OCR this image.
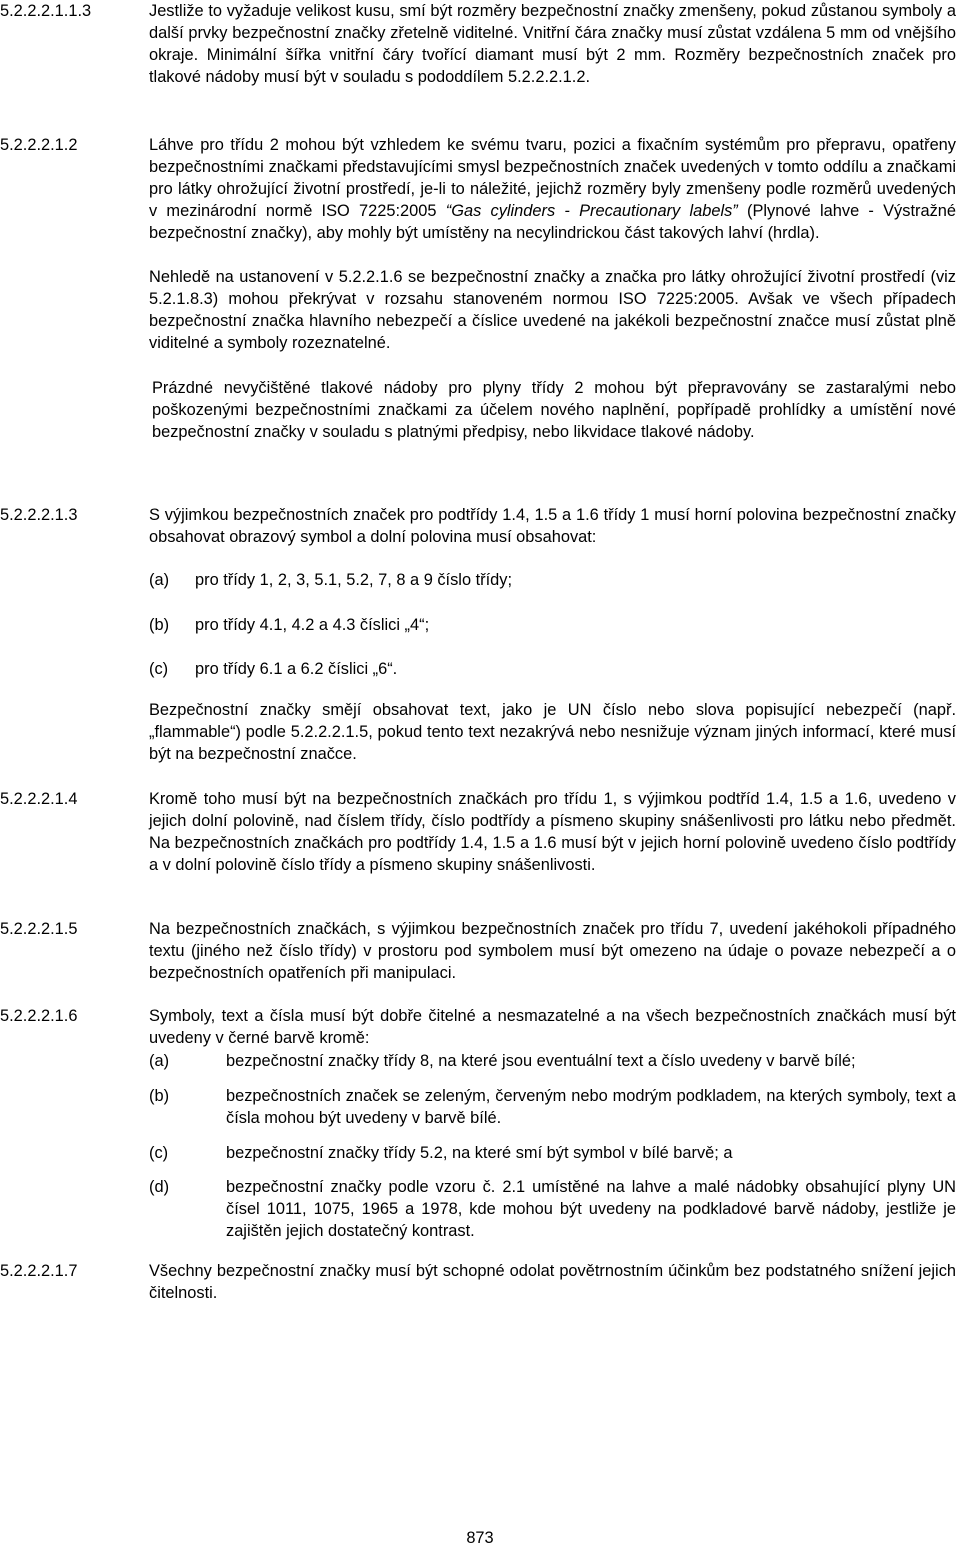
5.2.2.2.1.1.3	Jestliže to vyžaduje velikost kusu, smí být rozměry bezpečnostní značky zmenšeny, pokud zůstanou symboly a další prvky bezpečnostní značky zřetelně viditelné. Vnitřní čára značky musí zůstat vzdálena 5 mm od vnějšího okraje. Minimální šířka vnitřní čáry tvořící diamant musí být 2 mm. Rozměry bezpečnostních značek pro tlakové nádoby musí být v souladu s pododdílem 5.2.2.2.1.2.

5.2.2.2.1.2	Láhve pro třídu 2 mohou být vzhledem ke svému tvaru, pozici a fixačním systémům pro přepravu, opatřeny bezpečnostními značkami představujícími smysl bezpečnostních značek uvedených v tomto oddílu a značkami pro látky ohrožující životní prostředí, je-li to náležité, jejichž rozměry byly zmenšeny podle rozměrů uvedených v mezinárodní normě ISO 7225:2005 “Gas cylinders - Precautionary labels” (Plynové lahve - Výstražné bezpečnostní značky), aby mohly být umístěny na necylindrickou část takových lahví (hrdla).

Nehledě na ustanovení v 5.2.2.1.6 se bezpečnostní značky a značka pro látky ohrožující životní prostředí (viz 5.2.1.8.3) mohou překrývat v rozsahu stanoveném normou ISO 7225:2005. Avšak ve všech případech bezpečnostní značka hlavního nebezpečí a číslice uvedené na jakékoli bezpečnostní značce musí zůstat plně viditelné a symboly rozeznatelné.

Prázdné nevyčištěné tlakové nádoby pro plyny třídy 2 mohou být přepravovány se zastaralými nebo poškozenými bezpečnostními značkami za účelem nového naplnění, popřípadě prohlídky a umístění nové bezpečnostní značky v souladu s platnými předpisy, nebo likvidace tlakové nádoby.

5.2.2.2.1.3	S výjimkou bezpečnostních značek pro podtřídy 1.4, 1.5 a 1.6 třídy 1 musí horní polovina bezpečnostní značky obsahovat obrazový symbol a dolní polovina musí obsahovat:

(a) pro třídy 1, 2, 3, 5.1, 5.2, 7, 8 a 9 číslo třídy;
(b) pro třídy 4.1, 4.2 a 4.3 číslici „4“;
(c) pro třídy 6.1 a 6.2 číslici „6“.

Bezpečnostní značky smějí obsahovat text, jako je UN číslo nebo slova popisující nebezpečí (např. „flammable“) podle 5.2.2.2.1.5, pokud tento text nezakrývá nebo nesnižuje význam jiných informací, které musí být na bezpečnostní značce.

5.2.2.2.1.4	Kromě toho musí být na bezpečnostních značkách pro třídu 1, s výjimkou podtříd 1.4, 1.5 a 1.6, uvedeno v jejich dolní polovině, nad číslem třídy, číslo podtřídy a písmeno skupiny snášenlivosti pro látku nebo předmět. Na bezpečnostních značkách pro podtřídy 1.4, 1.5 a 1.6 musí být v jejich horní polovině uvedeno číslo podtřídy a v dolní polovině číslo třídy a písmeno skupiny snášenlivosti.

5.2.2.2.1.5	Na bezpečnostních značkách, s výjimkou bezpečnostních značek pro třídu 7, uvedení jakéhokoli případného textu (jiného než číslo třídy) v prostoru pod symbolem musí být omezeno na údaje o povaze nebezpečí a o bezpečnostních opatřeních při manipulaci.

5.2.2.2.1.6	Symboly, text a čísla musí být dobře čitelné a nesmazatelné a na všech bezpečnostních značkách musí být uvedeny v černé barvě kromě:

(a)	bezpečnostní značky třídy 8, na které jsou eventuální text a číslo uvedeny v barvě bílé;
(b)	bezpečnostních značek se zeleným, červeným nebo modrým podkladem, na kterých symboly, text a čísla mohou být uvedeny v barvě bílé.
(c)	bezpečnostní značky třídy 5.2, na které smí být symbol v bílé barvě; a
(d)	bezpečnostní značky podle vzoru č. 2.1 umístěné na lahve a malé nádobky obsahující plyny UN čísel 1011, 1075, 1965 a 1978, kde mohou být uvedeny na podkladové barvě nádoby, jestliže je zajištěn jejich dostatečný kontrast.
5.2.2.2.1.7	Všechny bezpečnostní značky musí být schopné odolat povětrnostním účinkům bez podstatného snížení jejich čitelnosti.

873
